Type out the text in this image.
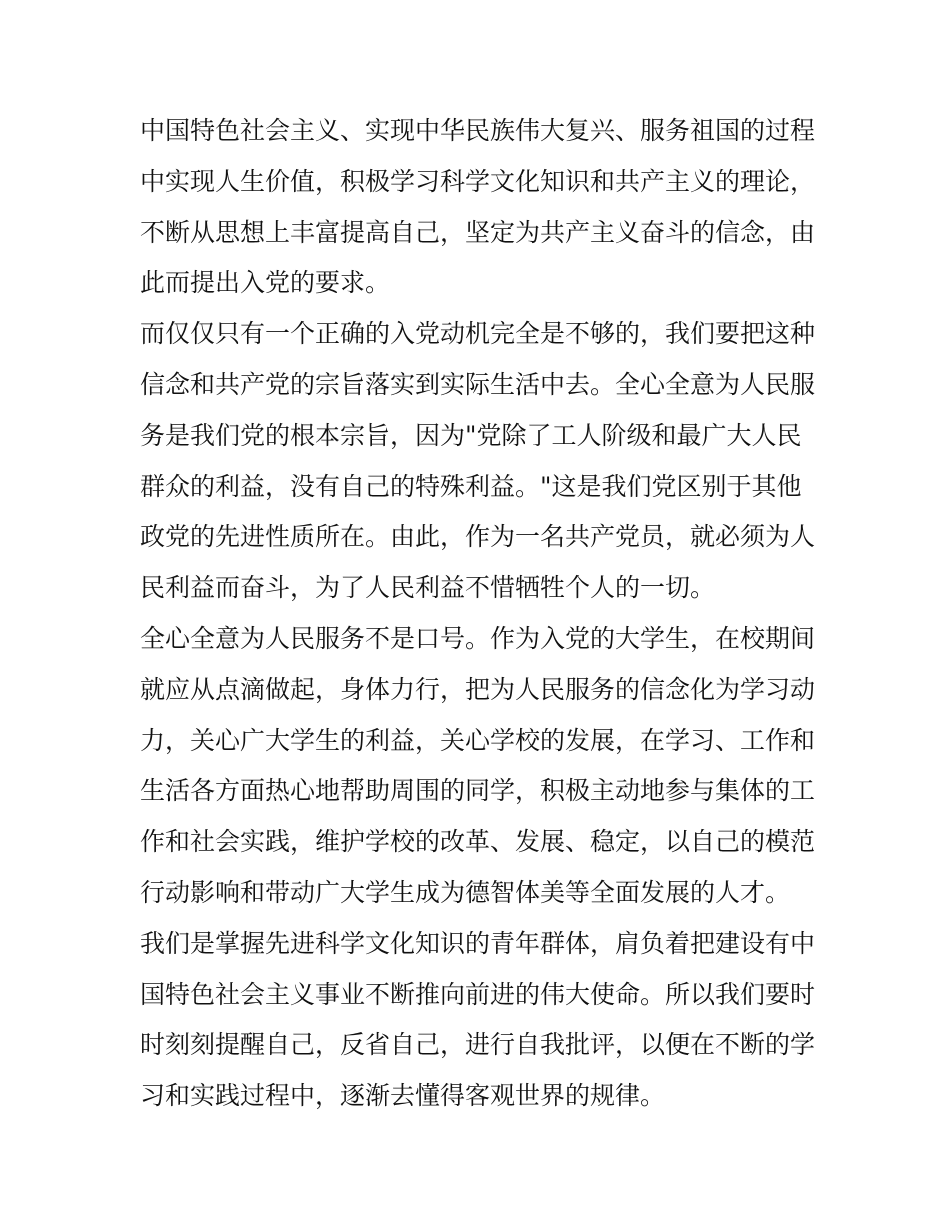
中国特色社会主义、实现中华民族伟大复兴、服务祖国的过程
中实现人生价值，积极学习科学文化知识和共产主义的理论，
不断从思想上丰富提高自己，坚定为共产主义奋斗的信念，由
此而提出入党的要求。
而仅仅只有一个正确的入党动机完全是不够的，我们要把这种
信念和共产党的宗旨落实到实际生活中去。全心全意为人民服
务是我们党的根本宗旨，因为"党除了工人阶级和最广大人民
群众的利益，没有自己的特殊利益。"这是我们党区别于其他
政党的先进性质所在。由此，作为一名共产党员，就必须为人
民利益而奋斗，为了人民利益不惜牺牲个人的一切。
全心全意为人民服务不是口号。作为入党的大学生，在校期间
就应从点滴做起，身体力行，把为人民服务的信念化为学习动
力，关心广大学生的利益，关心学校的发展，在学习、工作和
生活各方面热心地帮助周围的同学，积极主动地参与集体的工
作和社会实践，维护学校的改革、发展、稳定，以自己的模范
行动影响和带动广大学生成为德智体美等全面发展的人才。
我们是掌握先进科学文化知识的青年群体，肩负着把建设有中
国特色社会主义事业不断推向前进的伟大使命。所以我们要时
时刻刻提醒自己，反省自己，进行自我批评，以便在不断的学
习和实践过程中，逐渐去懂得客观世界的规律。
